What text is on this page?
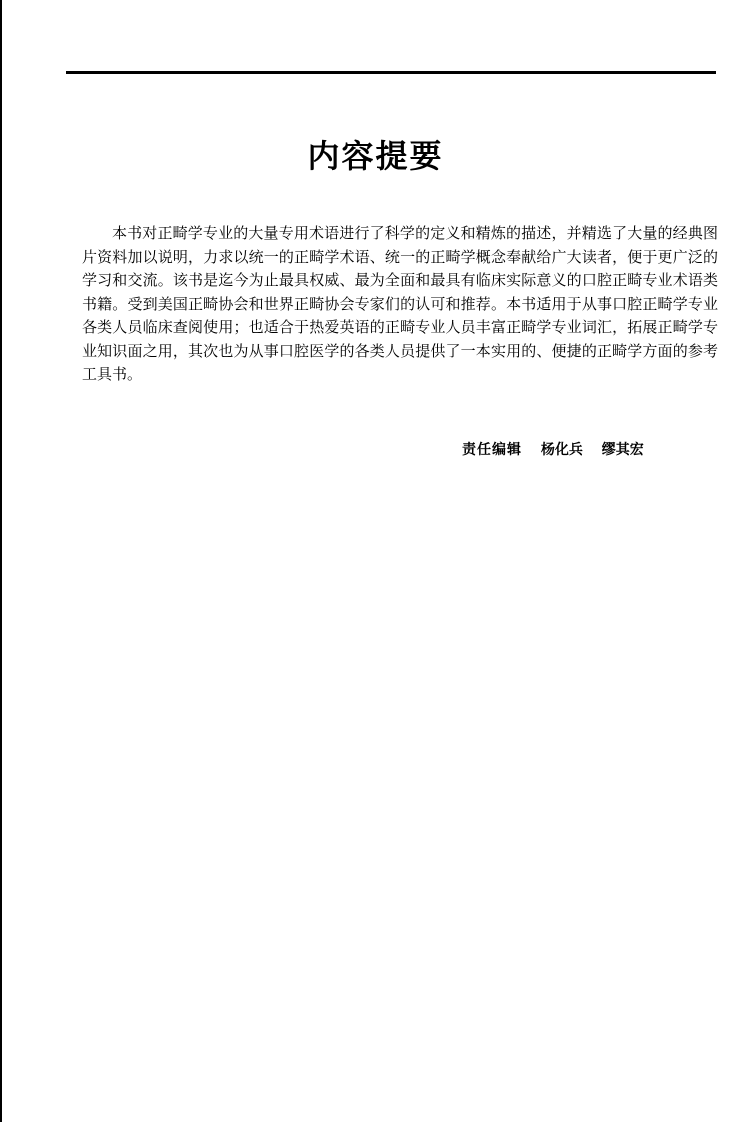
内容提要

本书对正畸学专业的大量专用术语进行了科学的定义和精炼的描述，并精选了大量的经典图片资料加以说明，力求以统一的正畸学术语、统一的正畸学概念奉献给广大读者，便于更广泛的学习和交流。该书是迄今为止最具权威、最为全面和最具有临床实际意义的口腔正畸专业术语类书籍。受到美国正畸协会和世界正畸协会专家们的认可和推荐。本书适用于从事口腔正畸学专业各类人员临床查阅使用；也适合于热爱英语的正畸专业人员丰富正畸学专业词汇，拓展正畸学专业知识面之用，其次也为从事口腔医学的各类人员提供了一本实用的、便捷的正畸学方面的参考工具书。

责任编辑 杨化兵 缪其宏
